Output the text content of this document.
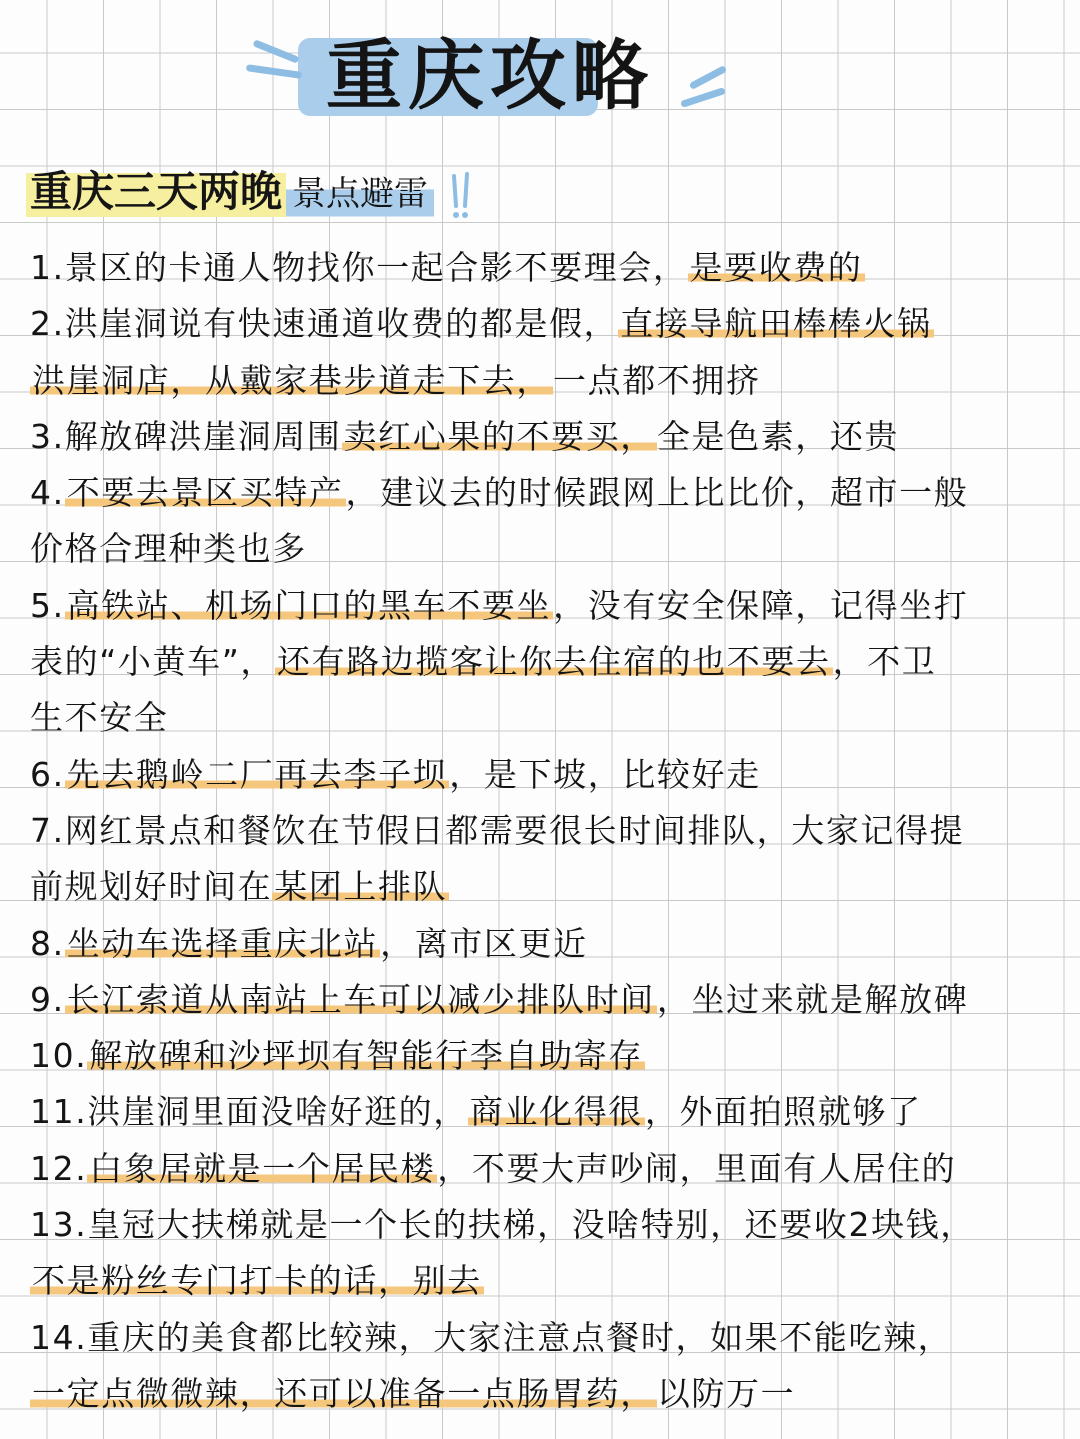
重庆攻略
重庆三天两晚 景点避雷
1.景区的卡通人物找你一起合影不要理会，是要收费的
2.洪崖洞说有快速通道收费的都是假，直接导航田棒棒火锅
洪崖洞店，从戴家巷步道走下去，一点都不拥挤
3.解放碑洪崖洞周围卖红心果的不要买，全是色素，还贵
4.不要去景区买特产，建议去的时候跟网上比比价，超市一般
价格合理种类也多
5.高铁站、机场门口的黑车不要坐，没有安全保障，记得坐打
表的“小黄车”，还有路边揽客让你去住宿的也不要去，不卫
生不安全
6.先去鹅岭二厂再去李子坝，是下坡，比较好走
7.网红景点和餐饮在节假日都需要很长时间排队，大家记得提
前规划好时间在某团上排队
8.坐动车选择重庆北站，离市区更近
9.长江索道从南站上车可以减少排队时间，坐过来就是解放碑
10.解放碑和沙坪坝有智能行李自助寄存
11.洪崖洞里面没啥好逛的，商业化得很，外面拍照就够了
12.白象居就是一个居民楼，不要大声吵闹，里面有人居住的
13.皇冠大扶梯就是一个长的扶梯，没啥特别，还要收2块钱，
不是粉丝专门打卡的话，别去
14.重庆的美食都比较辣，大家注意点餐时，如果不能吃辣，
一定点微微辣，还可以准备一点肠胃药，以防万一
